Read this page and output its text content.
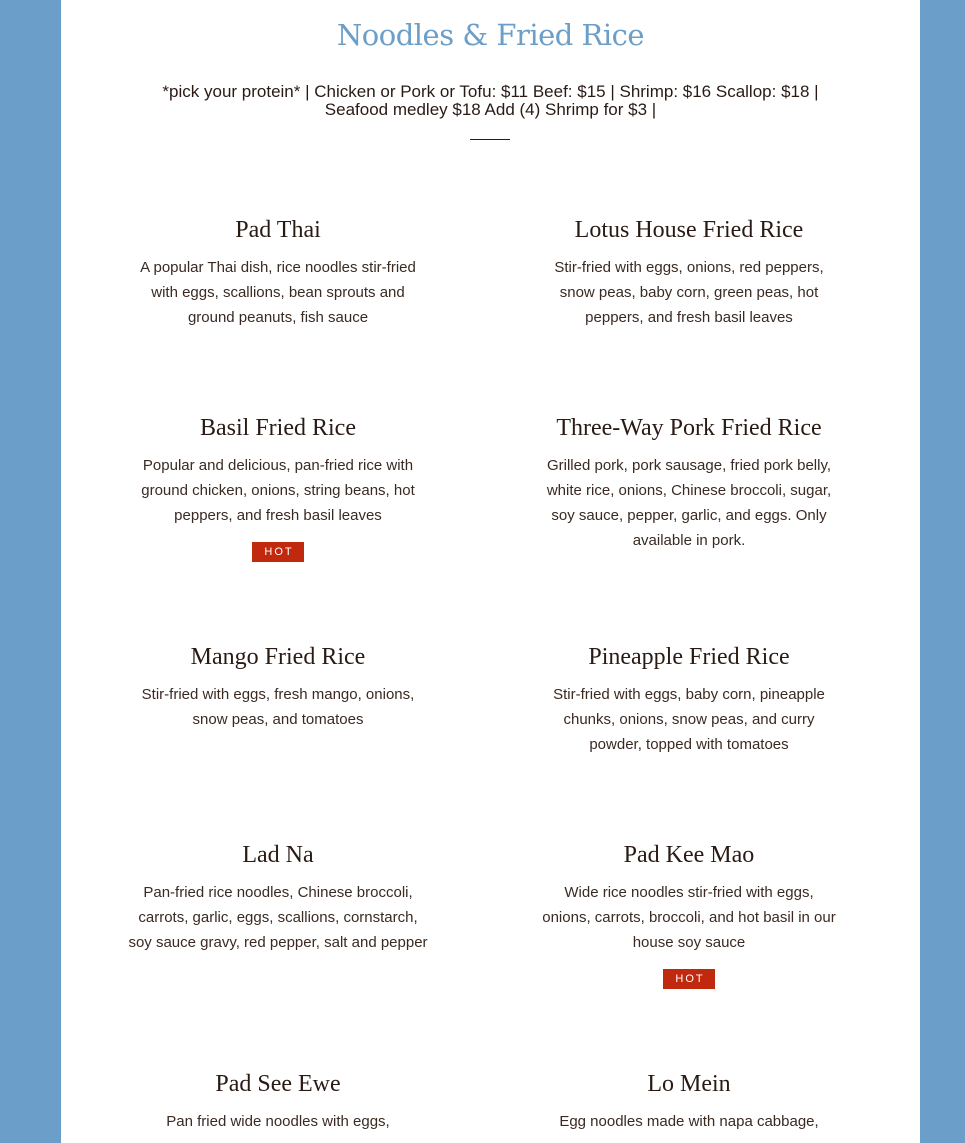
Noodles & Fried Rice

*pick your protein* | Chicken or Pork or Tofu: $11 Beef: $15 | Shrimp: $16 Scallop: $18 | Seafood medley $18 Add (4) Shrimp for $3 |

Pad Thai

A popular Thai dish, rice noodles stir-fried with eggs, scallions, bean sprouts and ground peanuts, fish sauce

Lotus House Fried Rice

Stir-fried with eggs, onions, red peppers, snow peas, baby corn, green peas, hot peppers, and fresh basil leaves

Basil Fried Rice

Popular and delicious, pan-fried rice with ground chicken, onions, string beans, hot peppers, and fresh basil leaves

HOT
Three-Way Pork Fried Rice

Grilled pork, pork sausage, fried pork belly, white rice, onions, Chinese broccoli, sugar, soy sauce, pepper, garlic, and eggs. Only available in pork.

Mango Fried Rice

Stir-fried with eggs, fresh mango, onions, snow peas, and tomatoes

Pineapple Fried Rice

Stir-fried with eggs, baby corn, pineapple chunks, onions, snow peas, and curry powder, topped with tomatoes

Lad Na

Pan-fried rice noodles, Chinese broccoli, carrots, garlic, eggs, scallions, cornstarch, soy sauce gravy, red pepper, salt and pepper

Pad Kee Mao

Wide rice noodles stir-fried with eggs, onions, carrots, broccoli, and hot basil in our house soy sauce

HOT
Pad See Ewe

Pan fried wide noodles with eggs,

Lo Mein

Egg noodles made with napa cabbage,
